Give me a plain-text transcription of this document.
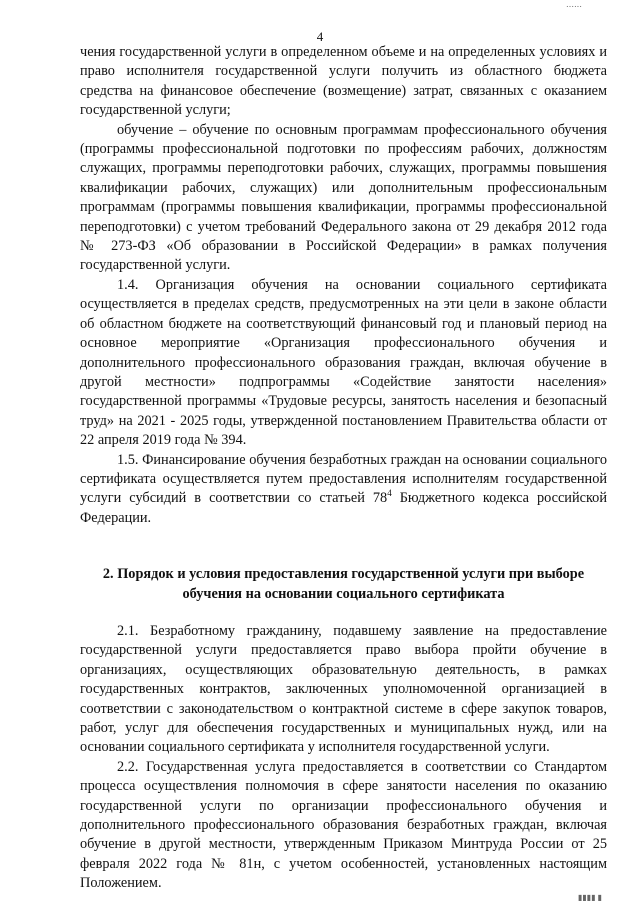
‥‥‥
4

чения государственной услуги в определенном объеме и на определенных условиях и право исполнителя государственной услуги получить из областного бюджета средства на финансовое обеспечение (возмещение) затрат, связанных с оказанием государственной услуги;

обучение – обучение по основным программам профессионального обучения (программы профессиональной подготовки по профессиям рабочих, должностям служащих, программы переподготовки рабочих, служащих, программы повышения квалификации рабочих, служащих) или дополнительным профессиональным программам (программы повышения квалификации, программы профессиональной переподготовки) с учетом требований Федерального закона от 29 декабря 2012 года № 273-ФЗ «Об образовании в Российской Федерации» в рамках получения государственной услуги.

1.4. Организация обучения на основании социального сертификата осуществляется в пределах средств, предусмотренных на эти цели в законе области об областном бюджете на соответствующий финансовый год и плановый период на основное мероприятие «Организация профессионального обучения и дополнительного профессионального образования граждан, включая обучение в другой местности» подпрограммы «Содействие занятости населения» государственной программы «Трудовые ресурсы, занятость населения и безопасный труд» на 2021 - 2025 годы, утвержденной постановлением Правительства области от 22 апреля 2019 года № 394.

1.5. Финансирование обучения безработных граждан на основании социального сертификата осуществляется путем предоставления исполнителям государственной услуги субсидий в соответствии со статьей $78^4$ Бюджетного кодекса российской Федерации.

2. Порядок и условия предоставления государственной услуги при выборе обучения на основании социального сертификата

2.1. Безработному гражданину, подавшему заявление на предоставление государственной услуги предоставляется право выбора пройти обучение в организациях, осуществляющих образовательную деятельность, в рамках государственных контрактов, заключенных уполномоченной организацией в соответствии с законодательством о контрактной системе в сфере закупок товаров, работ, услуг для обеспечения государственных и муниципальных нужд, или на основании социального сертификата у исполнителя государственной услуги.

2.2. Государственная услуга предоставляется в соответствии со Стандартом процесса осуществления полномочия в сфере занятости населения по оказанию государственной услуги по организации профессионального обучения и дополнительного профессионального образования безработных граждан, включая обучение в другой местности, утвержденным Приказом Минтруда России от 25 февраля 2022 года № 81н, с учетом особенностей, установленных настоящим Положением.

▮▮▮▮ ▮
